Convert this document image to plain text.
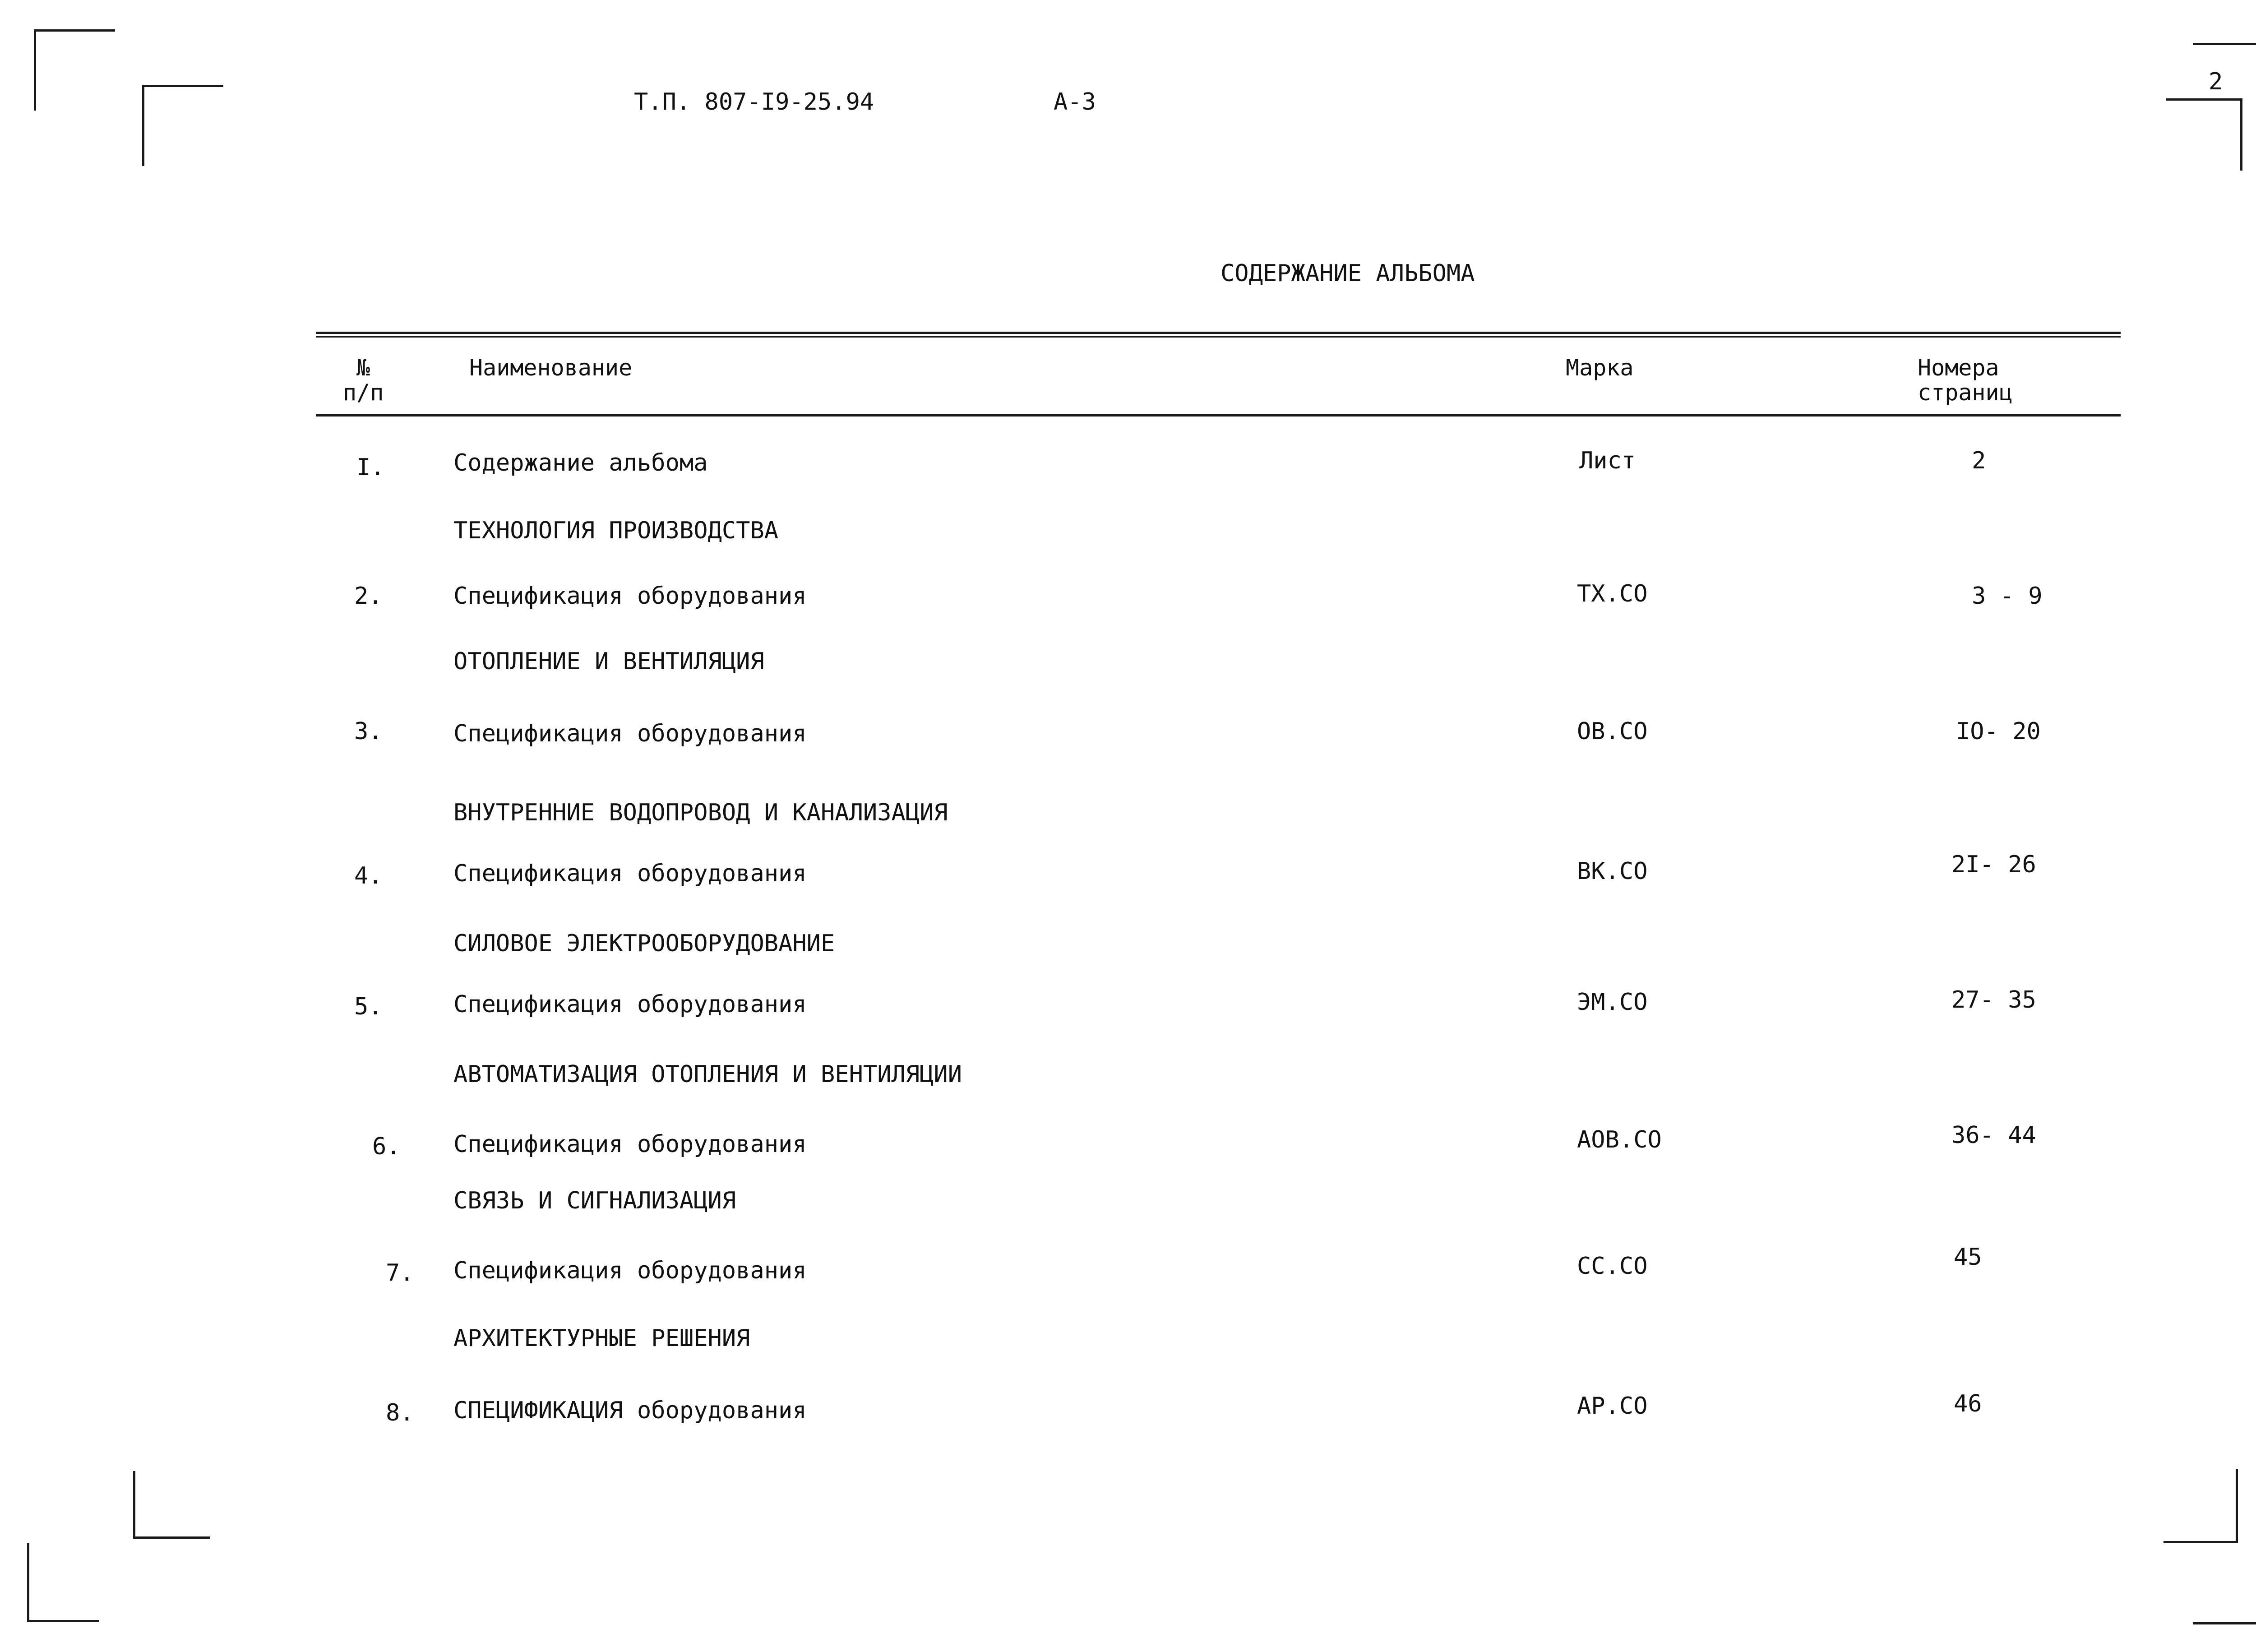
Т.П. 807-I9-25.94	А-3
2
СОДЕРЖАНИЕ АЛЬБОМА
№
п/п
Наименование	Марка	Номера
страниц
I.	Содержание альбома	Лист	2
ТЕХНОЛОГИЯ ПРОИЗВОДСТВА
2.	Спецификация оборудования	ТХ.СО	3 - 9
ОТОПЛЕНИЕ И ВЕНТИЛЯЦИЯ
3.	Спецификация оборудования	ОВ.СО	IO- 20
ВНУТРЕННИЕ ВОДОПРОВОД И КАНАЛИЗАЦИЯ
4.	Спецификация оборудования	ВК.СО	2I- 26
СИЛОВОЕ ЭЛЕКТРООБОРУДОВАНИЕ
5.	Спецификация оборудования	ЭМ.СО	27- 35
АВТОМАТИЗАЦИЯ ОТОПЛЕНИЯ И ВЕНТИЛЯЦИИ
6. Спецификация оборудования	АОВ.СО	36- 44
СВЯЗЬ И СИГНАЛИЗАЦИЯ
7. Спецификация оборудования	СС.СО	45
АРХИТЕКТУРНЫЕ РЕШЕНИЯ
8. СПЕЦИФИКАЦИЯ оборудования	АР.СО	46
